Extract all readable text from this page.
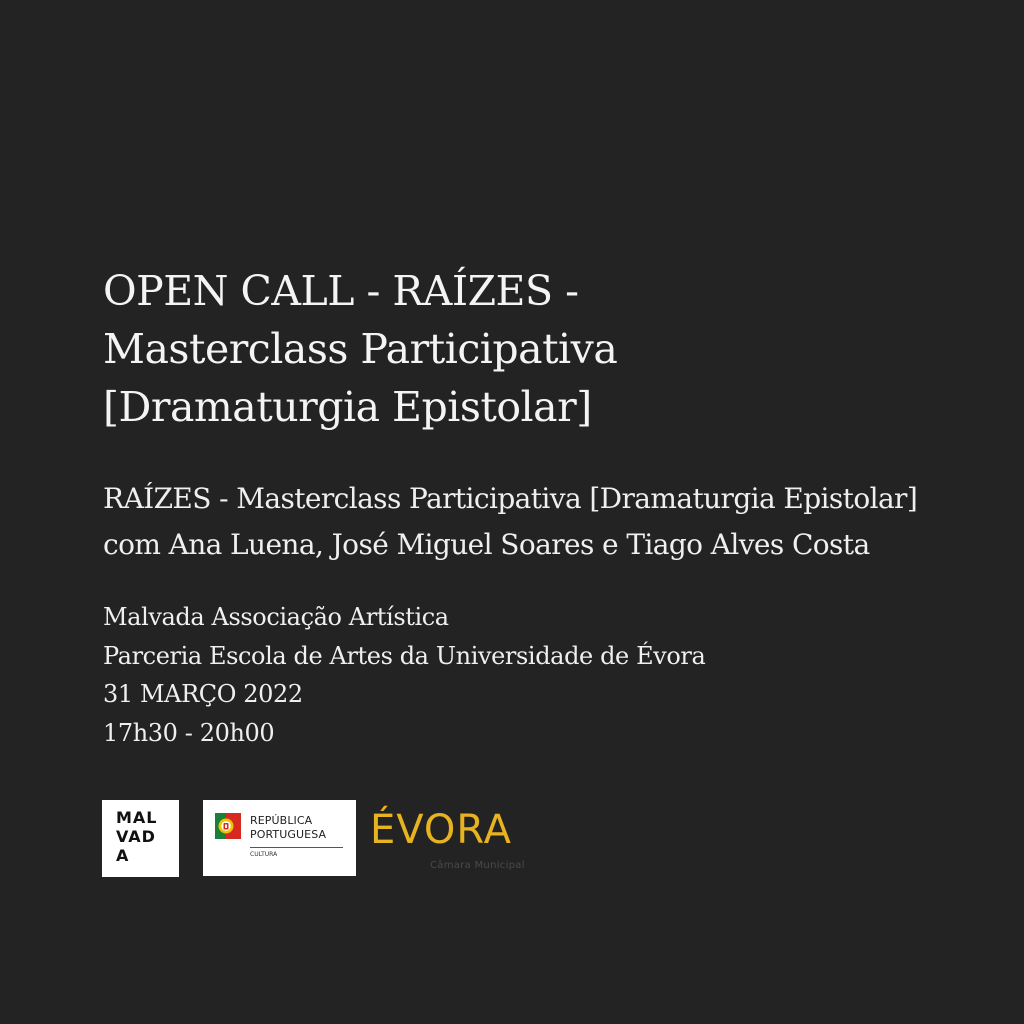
OPEN CALL - RAÍZES -
Masterclass Participativa
[Dramaturgia Epistolar]
RAÍZES - Masterclass Participativa [Dramaturgia Epistolar]
com Ana Luena, José Miguel Soares e Tiago Alves Costa
Malvada Associação Artística
Parceria Escola de Artes da Universidade de Évora
31 MARÇO 2022
17h30 - 20h00
MAL
VAD
A
REPÚBLICA
PORTUGUESA
CULTURA
ÉVORA
Câmara Municipal
